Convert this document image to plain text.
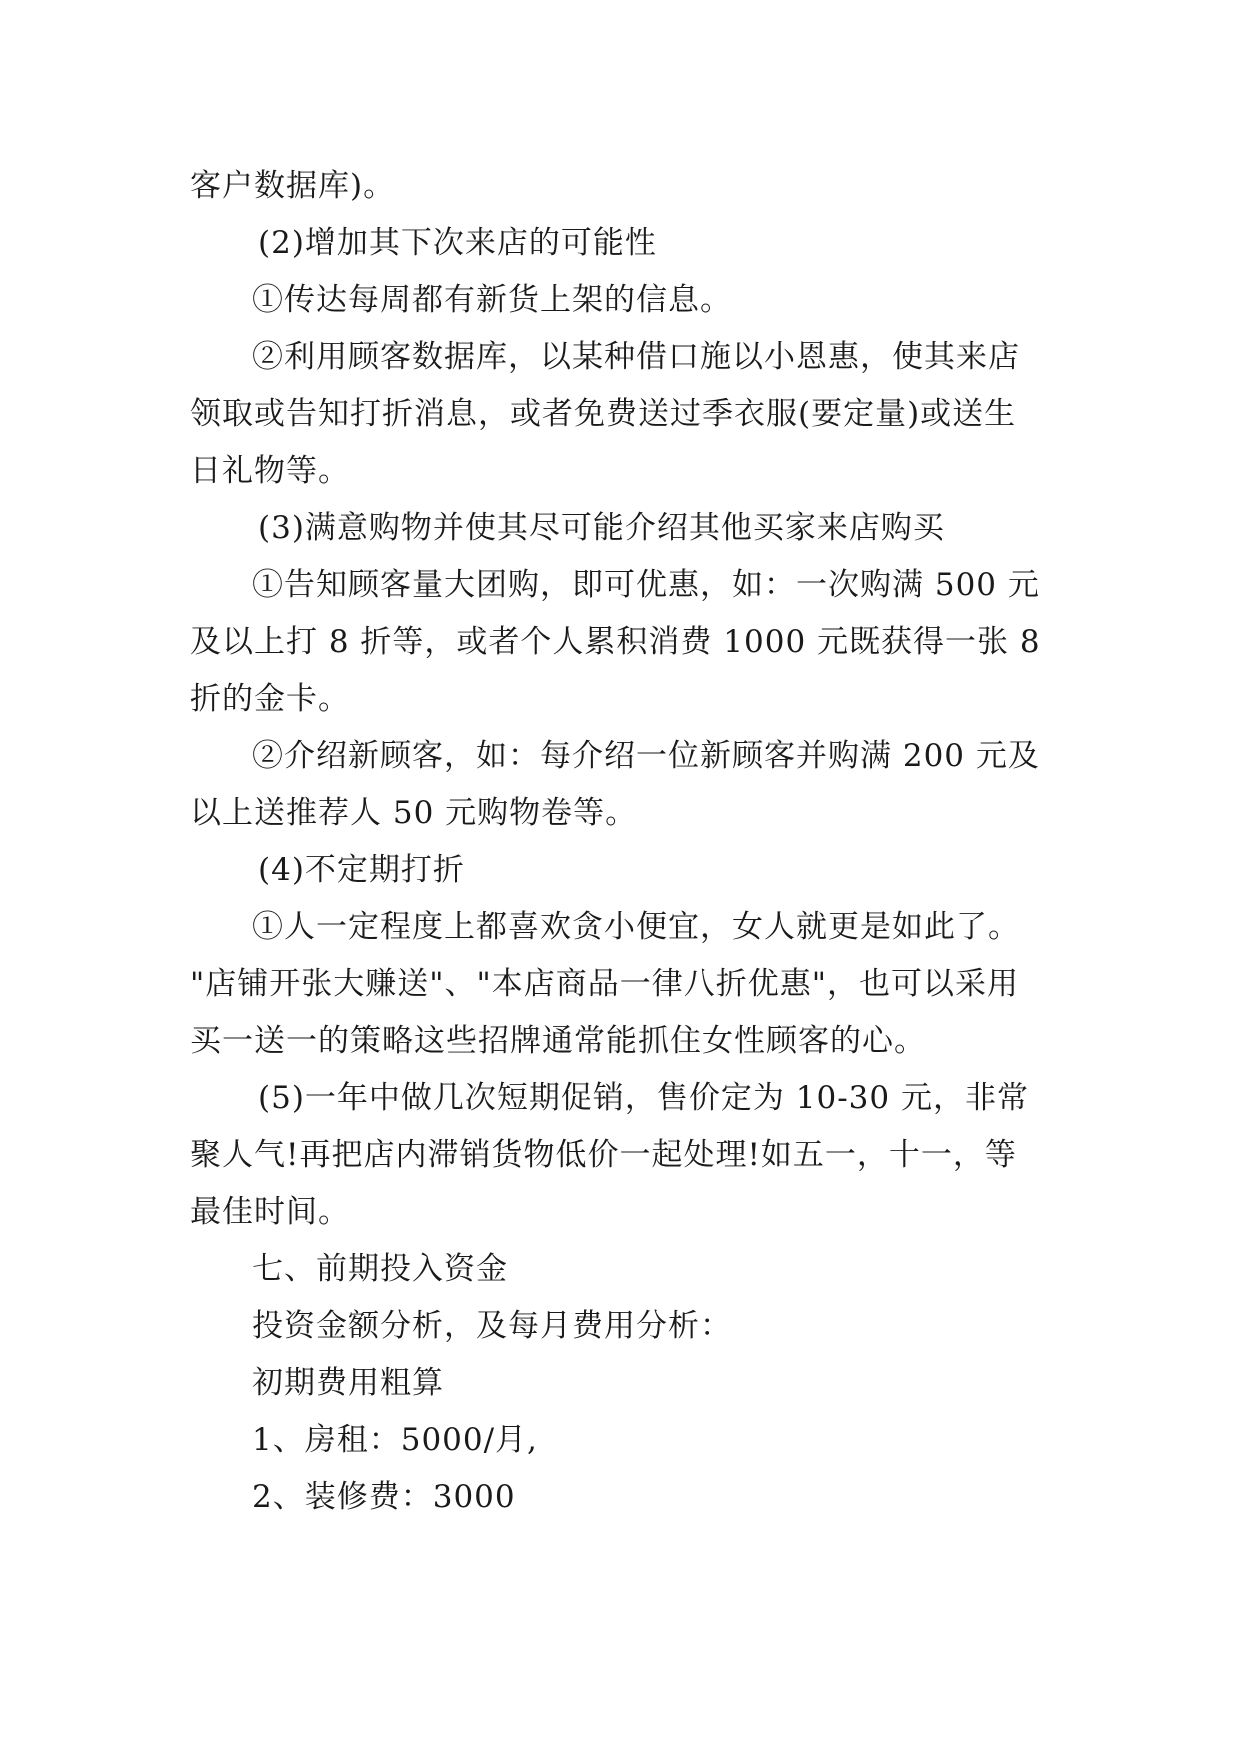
客户数据库)。
(2)增加其下次来店的可能性
①传达每周都有新货上架的信息。
②利用顾客数据库，以某种借口施以小恩惠，使其来店
领取或告知打折消息，或者免费送过季衣服(要定量)或送生
日礼物等。
(3)满意购物并使其尽可能介绍其他买家来店购买
①告知顾客量大团购，即可优惠，如：一次购满 500 元
及以上打 8 折等，或者个人累积消费 1000 元既获得一张 8
折的金卡。
②介绍新顾客，如：每介绍一位新顾客并购满 200 元及
以上送推荐人 50 元购物卷等。
(4)不定期打折
①人一定程度上都喜欢贪小便宜，女人就更是如此了。
"店铺开张大赚送"、"本店商品一律八折优惠"，也可以采用
买一送一的策略这些招牌通常能抓住女性顾客的心。
(5)一年中做几次短期促销，售价定为 10-30 元，非常
聚人气!再把店内滞销货物低价一起处理!如五一，十一，等
最佳时间。
七、前期投入资金
投资金额分析，及每月费用分析：
初期费用粗算
1、房租：5000/月,
2、装修费：3000
